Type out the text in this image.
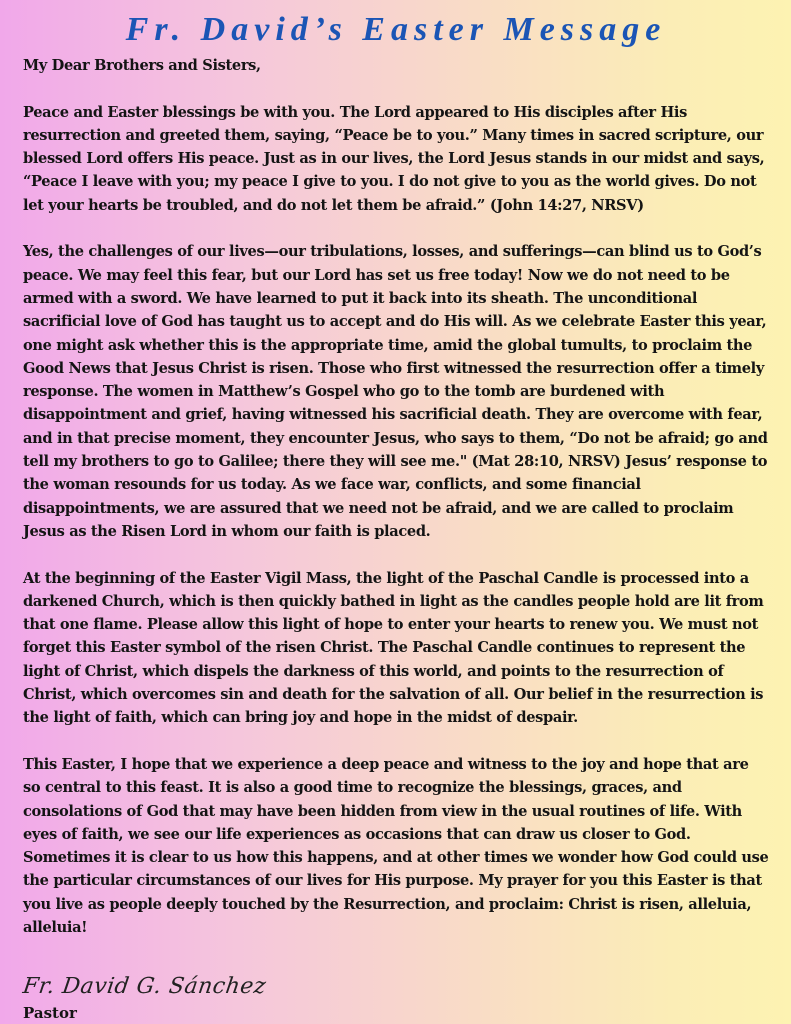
Fr. David’s Easter Message

My Dear Brothers and Sisters,

Peace and Easter blessings be with you. The Lord appeared to His disciples after His resurrection and greeted them, saying, “Peace be to you.” Many times in sacred scripture, our blessed Lord offers His peace. Just as in our lives, the Lord Jesus stands in our midst and says, “Peace I leave with you; my peace I give to you. I do not give to you as the world gives. Do not let your hearts be troubled, and do not let them be afraid.” (John 14:27, NRSV)

Yes, the challenges of our lives—our tribulations, losses, and sufferings—can blind us to God’s peace. We may feel this fear, but our Lord has set us free today! Now we do not need to be armed with a sword. We have learned to put it back into its sheath. The unconditional sacrificial love of God has taught us to accept and do His will. As we celebrate Easter this year, one might ask whether this is the appropriate time, amid the global tumults, to proclaim the Good News that Jesus Christ is risen. Those who first witnessed the resurrection offer a timely response. The women in Matthew’s Gospel who go to the tomb are burdened with disappointment and grief, having witnessed his sacrificial death. They are overcome with fear, and in that precise moment, they encounter Jesus, who says to them, “Do not be afraid; go and tell my brothers to go to Galilee; there they will see me." (Mat 28:10, NRSV) Jesus’ response to the woman resounds for us today. As we face war, conflicts, and some financial disappointments, we are assured that we need not be afraid, and we are called to proclaim Jesus as the Risen Lord in whom our faith is placed.

At the beginning of the Easter Vigil Mass, the light of the Paschal Candle is processed into a darkened Church, which is then quickly bathed in light as the candles people hold are lit from that one flame. Please allow this light of hope to enter your hearts to renew you. We must not forget this Easter symbol of the risen Christ. The Paschal Candle continues to represent the light of Christ, which dispels the darkness of this world, and points to the resurrection of Christ, which overcomes sin and death for the salvation of all. Our belief in the resurrection is the light of faith, which can bring joy and hope in the midst of despair.

This Easter, I hope that we experience a deep peace and witness to the joy and hope that are so central to this feast. It is also a good time to recognize the blessings, graces, and consolations of God that may have been hidden from view in the usual routines of life. With eyes of faith, we see our life experiences as occasions that can draw us closer to God. Sometimes it is clear to us how this happens, and at other times we wonder how God could use the particular circumstances of our lives for His purpose. My prayer for you this Easter is that you live as people deeply touched by the Resurrection, and proclaim: Christ is risen, alleluia, alleluia!

Fr. David G. Sánchez
Pastor
